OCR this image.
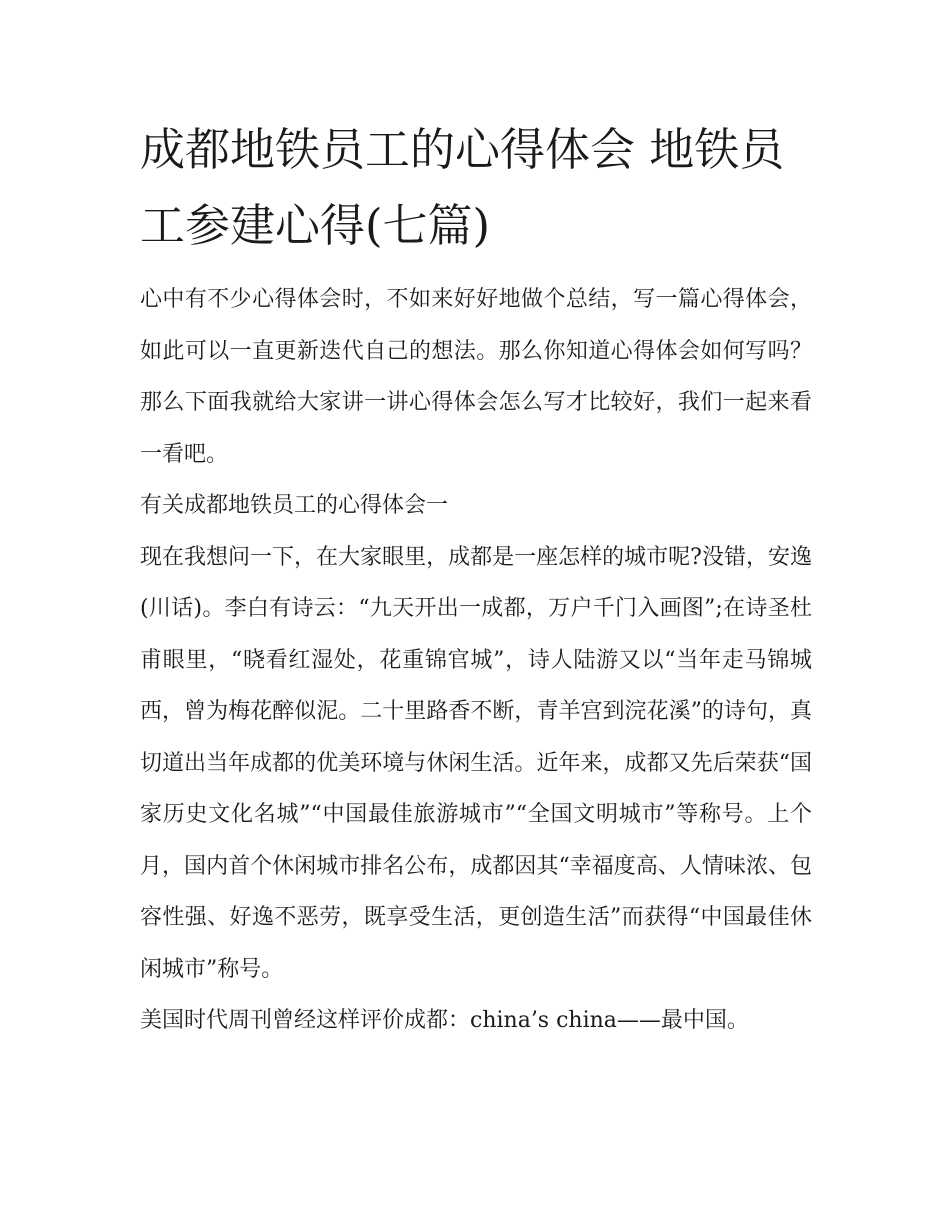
成都地铁员工的心得体会 地铁员工参建心得(七篇)

心中有不少心得体会时，不如来好好地做个总结，写一篇心得体会，如此可以一直更新迭代自己的想法。那么你知道心得体会如何写吗？那么下面我就给大家讲一讲心得体会怎么写才比较好，我们一起来看一看吧。

有关成都地铁员工的心得体会一

现在我想问一下，在大家眼里，成都是一座怎样的城市呢?没错，安逸(川话)。李白有诗云：“九天开出一成都，万户千门入画图”;在诗圣杜甫眼里，“晓看红湿处，花重锦官城”，诗人陆游又以“当年走马锦城西，曾为梅花醉似泥。二十里路香不断，青羊宫到浣花溪”的诗句，真切道出当年成都的优美环境与休闲生活。近年来，成都又先后荣获“国家历史文化名城”“中国最佳旅游城市”“全国文明城市”等称号。上个月，国内首个休闲城市排名公布，成都因其“幸福度高、人情味浓、包容性强、好逸不恶劳，既享受生活，更创造生活”而获得“中国最佳休闲城市”称号。

美国时代周刊曾经这样评价成都：china’s china——最中国。
